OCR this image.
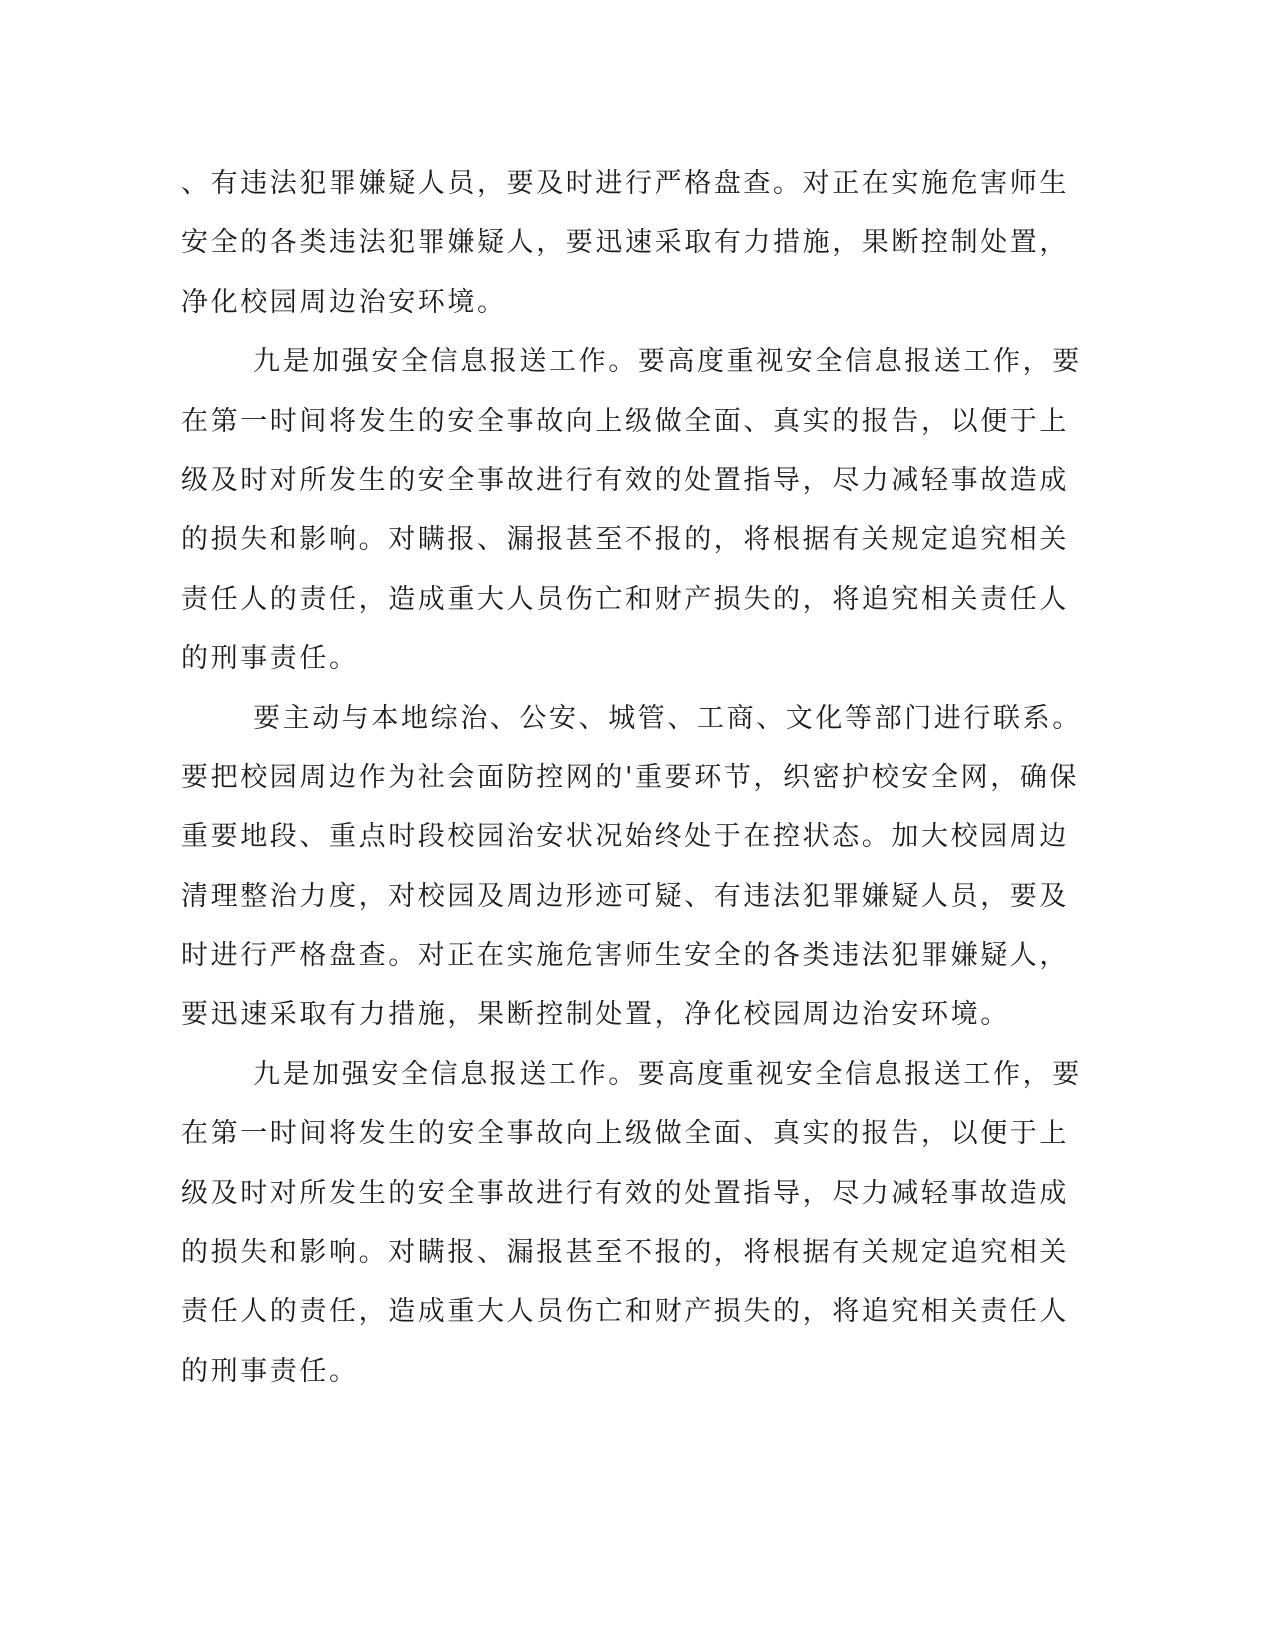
、有违法犯罪嫌疑人员，要及时进行严格盘查。对正在实施危害师生
安全的各类违法犯罪嫌疑人，要迅速采取有力措施，果断控制处置，
净化校园周边治安环境。
九是加强安全信息报送工作。要高度重视安全信息报送工作，要
在第一时间将发生的安全事故向上级做全面、真实的报告，以便于上
级及时对所发生的安全事故进行有效的处置指导，尽力减轻事故造成
的损失和影响。对瞒报、漏报甚至不报的，将根据有关规定追究相关
责任人的责任，造成重大人员伤亡和财产损失的，将追究相关责任人
的刑事责任。
要主动与本地综治、公安、城管、工商、文化等部门进行联系。
要把校园周边作为社会面防控网的'重要环节，织密护校安全网，确保
重要地段、重点时段校园治安状况始终处于在控状态。加大校园周边
清理整治力度，对校园及周边形迹可疑、有违法犯罪嫌疑人员，要及
时进行严格盘查。对正在实施危害师生安全的各类违法犯罪嫌疑人，
要迅速采取有力措施，果断控制处置，净化校园周边治安环境。
九是加强安全信息报送工作。要高度重视安全信息报送工作，要
在第一时间将发生的安全事故向上级做全面、真实的报告，以便于上
级及时对所发生的安全事故进行有效的处置指导，尽力减轻事故造成
的损失和影响。对瞒报、漏报甚至不报的，将根据有关规定追究相关
责任人的责任，造成重大人员伤亡和财产损失的，将追究相关责任人
的刑事责任。
